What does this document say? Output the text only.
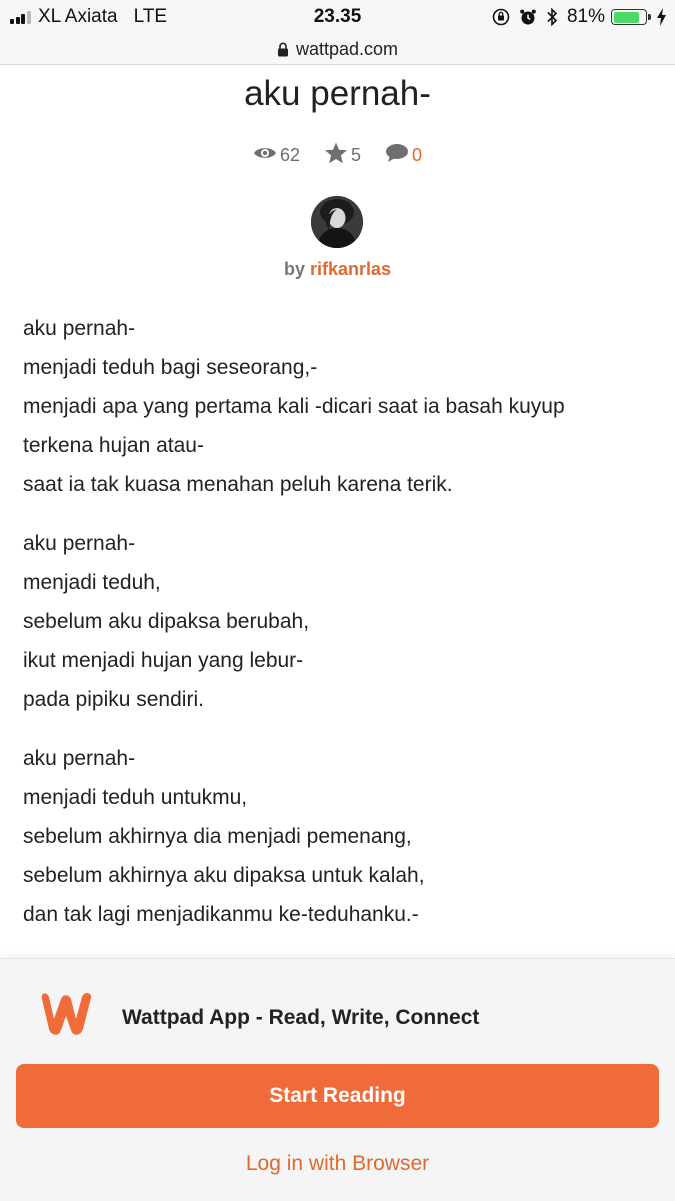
XL Axiata LTE	23.35	81%
wattpad.com
aku pernah-
62	5	0
by rifkanrlas
aku pernah-
menjadi teduh bagi seseorang,-
menjadi apa yang pertama kali -dicari saat ia basah kuyup
terkena hujan atau-
saat ia tak kuasa menahan peluh karena terik.
aku pernah-
menjadi teduh,
sebelum aku dipaksa berubah,
ikut menjadi hujan yang lebur-
pada pipiku sendiri.
aku pernah-
menjadi teduh untukmu,
sebelum akhirnya dia menjadi pemenang,
sebelum akhirnya aku dipaksa untuk kalah,
dan tak lagi menjadikanmu ke-teduhanku.-
Wattpad App - Read, Write, Connect
Start Reading
Log in with Browser
